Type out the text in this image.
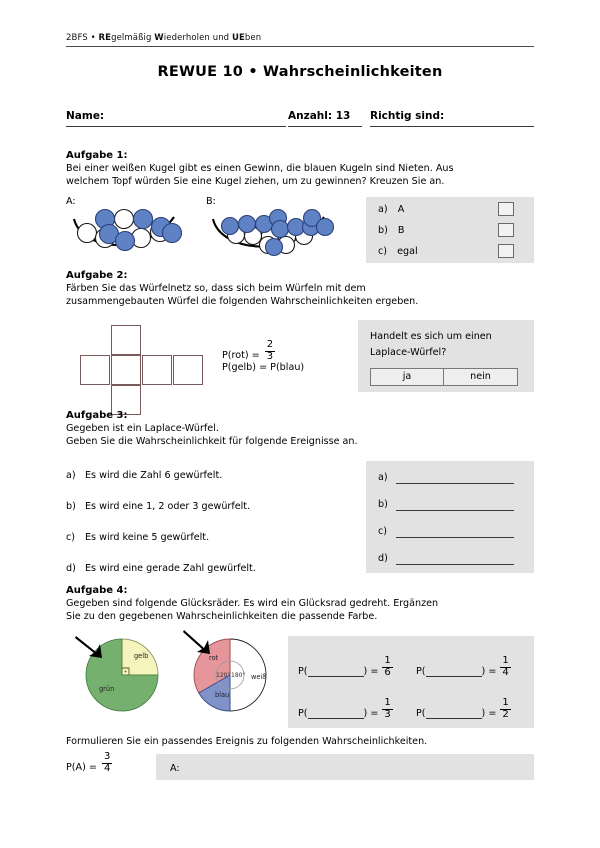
2BFS • REgelmäßig Wiederholen und UEben
REWUE 10 • Wahrscheinlichkeiten
Name:	Anzahl: 13 Richtig sind:
Aufgabe 1:
Bei einer weißen Kugel gibt es einen Gewinn, die blauen Kugeln sind Nieten. Aus
welchem Topf würden Sie eine Kugel ziehen, um zu gewinnen? Kreuzen Sie an.
A:	B:
a) A
b) B
c) egal
Aufgabe 2:
Färben Sie das Würfelnetz so, dass sich beim Würfeln mit dem
zusammengebauten Würfel die folgenden Wahrscheinlichkeiten ergeben.
$P(rot) = \frac{2}{3}$
P(gelb) = P(blau)
Handelt es sich um einen
Laplace-Würfel?
ja	nein
Aufgabe 3:
Gegeben ist ein Laplace-Würfel.
Geben Sie die Wahrscheinlichkeit für folgende Ereignisse an.
a) Es wird die Zahl 6 gewürfelt.
b) Es wird eine 1, 2 oder 3 gewürfelt.
c) Es wird keine 5 gewürfelt.
d) Es wird eine gerade Zahl gewürfelt.
a)
b)
c)
d)
Aufgabe 4:
Gegeben sind folgende Glücksräder. Es wird ein Glücksrad gedreht. Ergänzen
Sie zu den gegebenen Wahrscheinlichkeiten die passende Farbe.
gelb
grün
rot
blau
weiß
120° 180°	P(	) = $\frac{1}{6} P$(	) = $\frac{1}{4}$
P(	) = $\frac{1}{3} P$(	) = $\frac{1}{2}$
Formulieren Sie ein passendes Ereignis zu folgenden Wahrscheinlichkeiten.
$P(A) = \frac{3}{4}$	A:
